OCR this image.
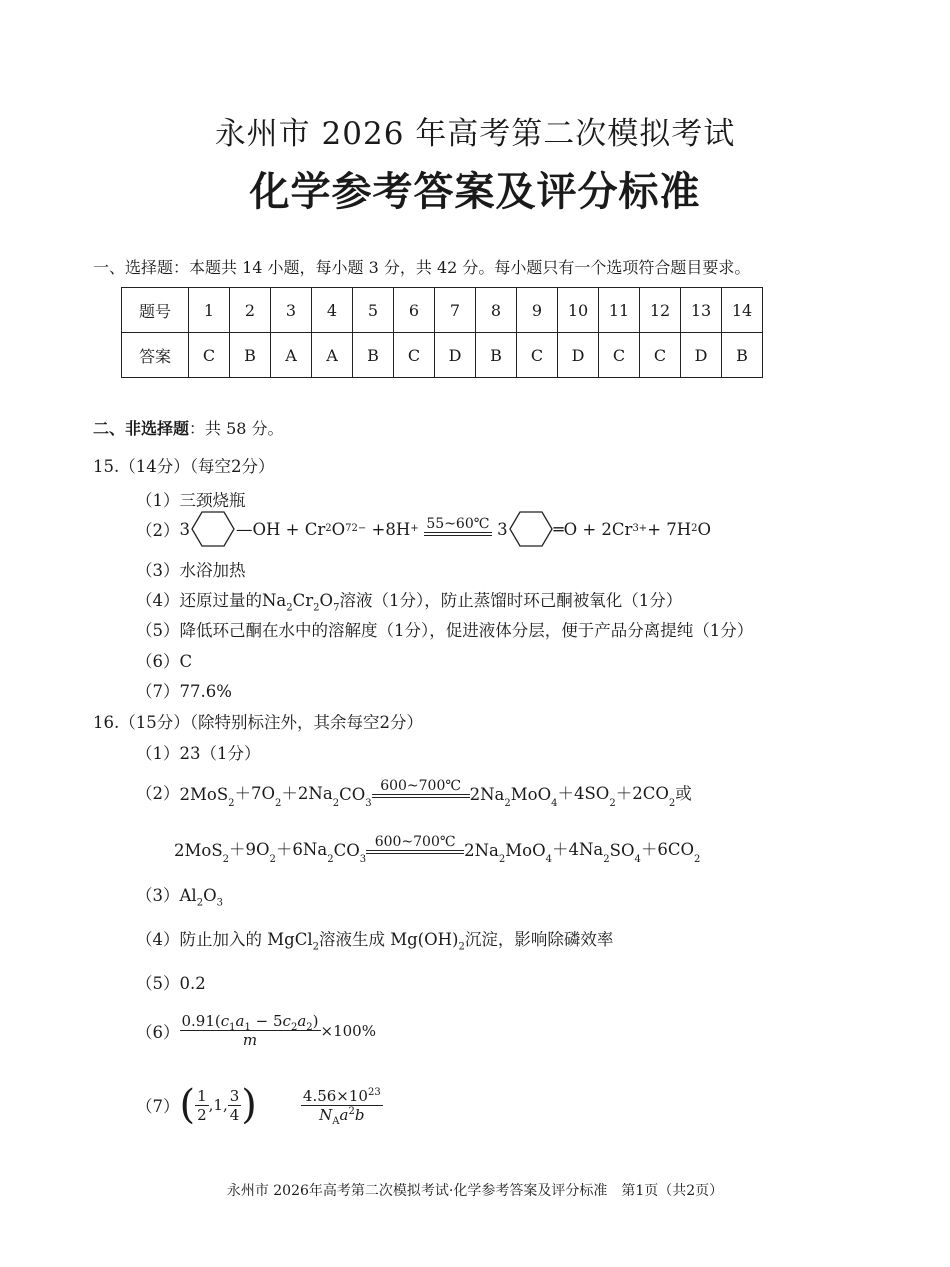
永州市 2026 年高考第二次模拟考试
化学参考答案及评分标准
一、选择题：本题共 14 小题，每小题 3 分，共 42 分。每小题只有一个选项符合题目要求。
题号	1	2	3	4	5	6	7	8	9	10	11	12	13	14
答案	C	B	A	A	B	C	D	B	C	D	C	C	D	B
二、非选择题：共 58 分。
15.（14分）（每空2分）
（1）三颈烧瓶
（2） 3	—OH + Cr 2 O 7 2− +8H +
55~60℃
3	═O + 2Cr 3+ + 7H 2 O
（3）水浴加热
（4）还原过量的$Na_2Cr_2O_7$溶液（1分），防止蒸馏时环己酮被氧化（1分）
（5）降低环己酮在水中的溶解度（1分），促进液体分层，便于产品分离提纯（1分）
（6）C
（7）77.6%
16.（15分）（除特别标注外，其余每空2分）
（1）23（1分）
（2） 2MoS 2
＋7O
2
＋2Na
2 CO 3
600~700℃ 2Na 2 MoO 4
＋4SO
2
＋2CO
2
或
2MoS 2
＋9O
2
＋6Na
2 CO 3
600~700℃ 2Na 2 MoO 4
＋4Na
2 SO 4
＋6CO
2
$(3)Al_2O_3$
（4）防止加入的 MgCl$_2$溶液生成 $Mg(OH)_2$沉淀，影响除磷效率
（5）0.2
$(6) \frac{0.91(c_1a_1 - 5c_2a_2)}{m} \times 100\%$
（7） ( $\frac{1}{2} ,1$, $\frac{3}{4}$ )	$\frac{4.56\times 10^{23}}{N_Aa^2b}$
永州市 2026年高考第二次模拟考试·化学参考答案及评分标准　第1页（共2页）
